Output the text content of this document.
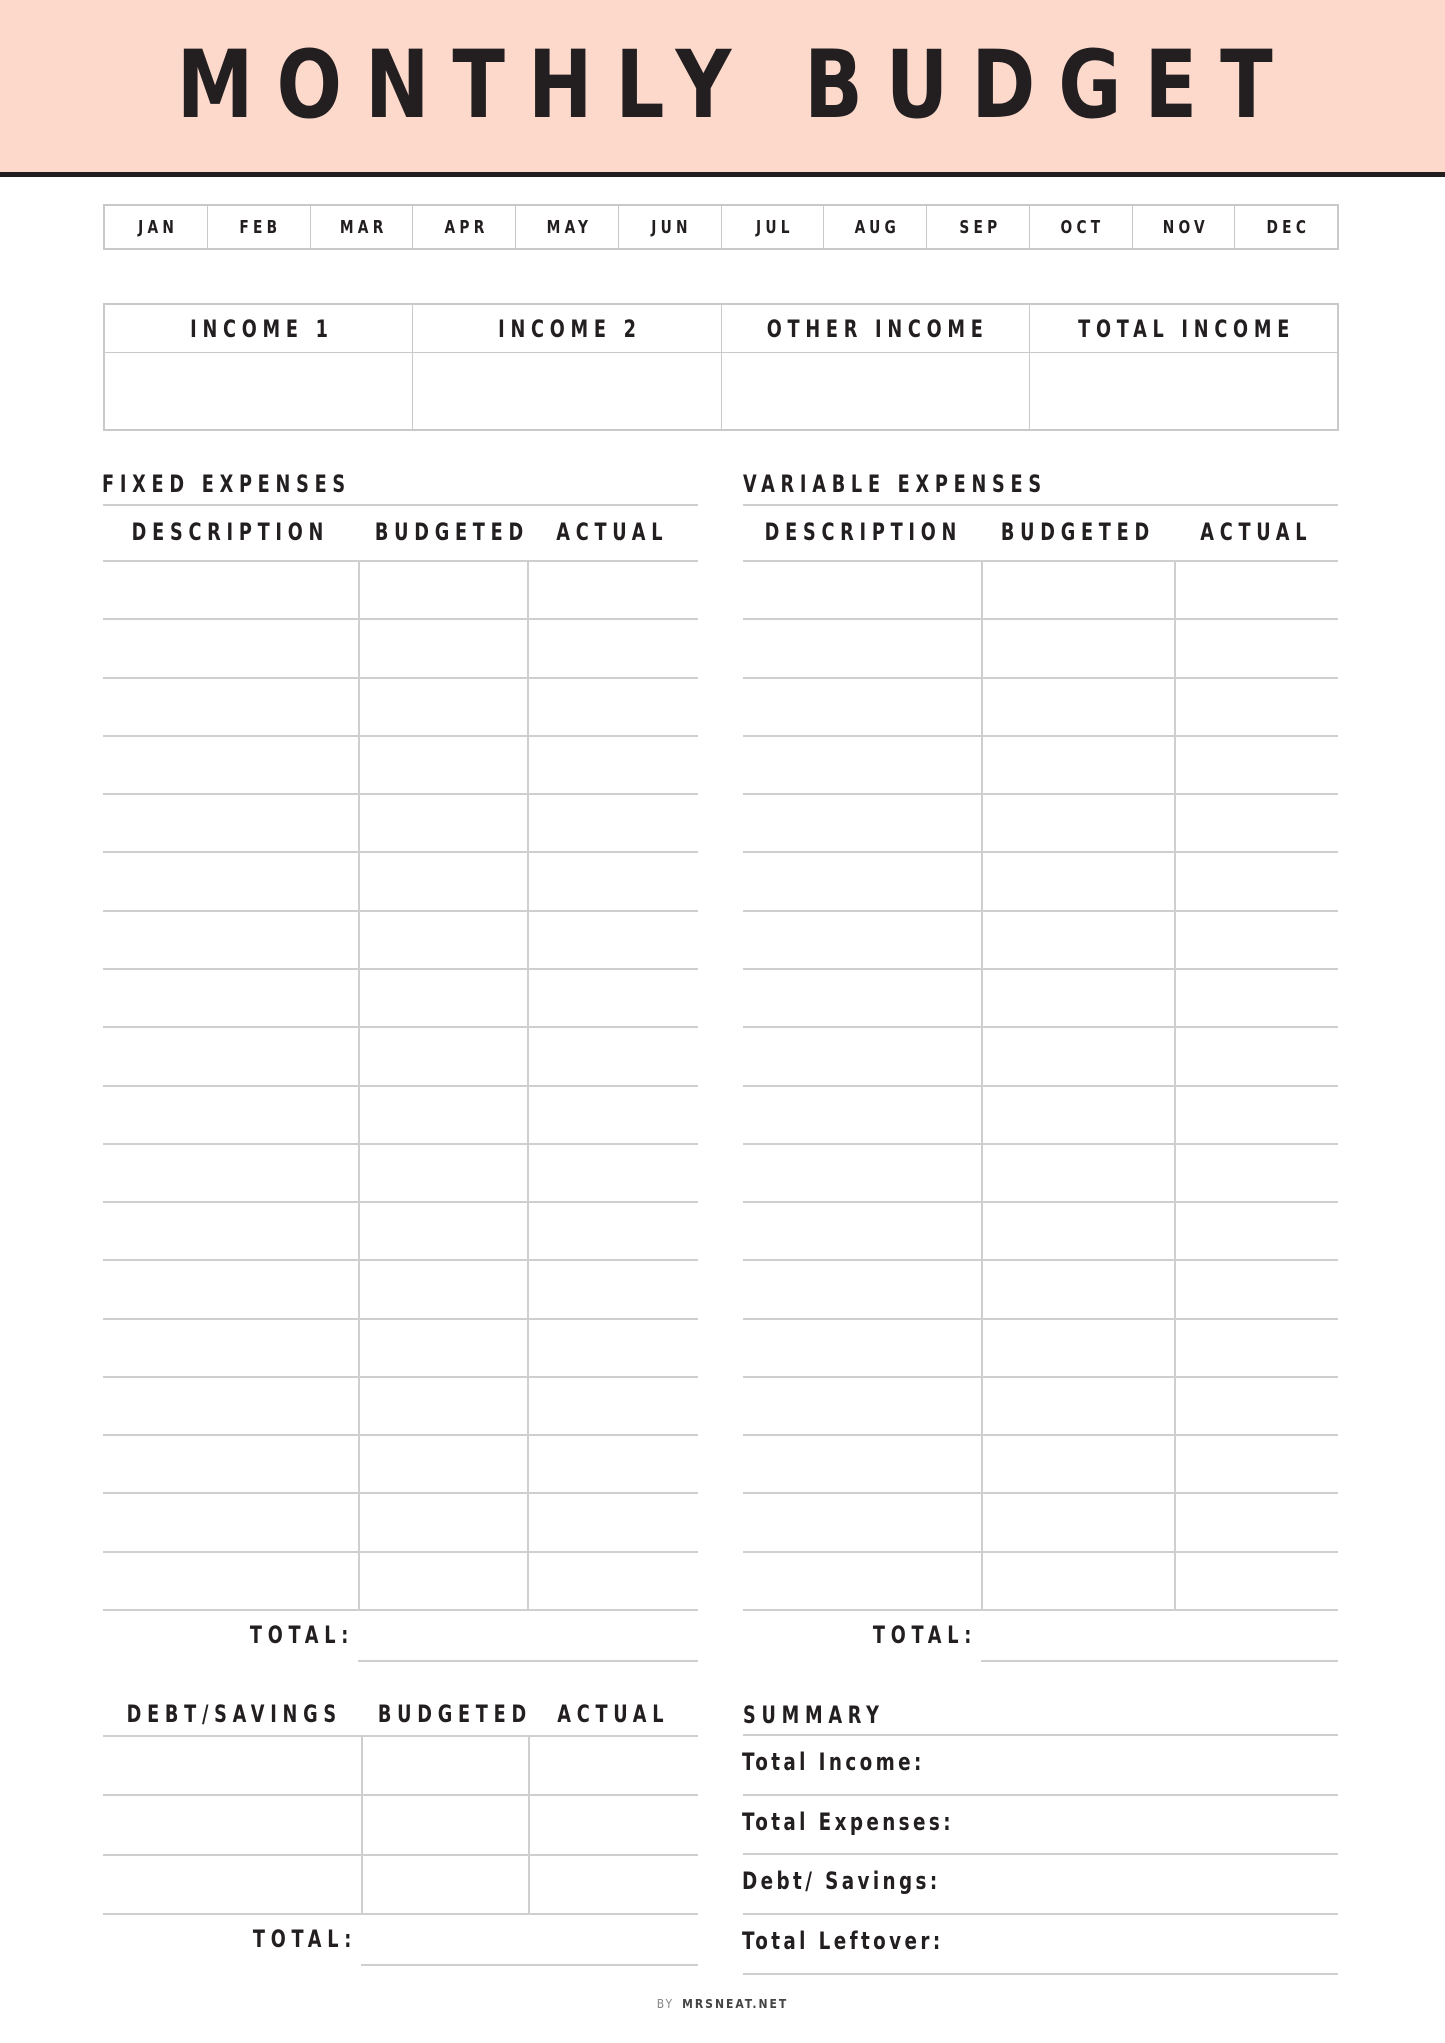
MONTHLY BUDGET
JAN	FEB	MAR	APR	MAY	JUN	JUL	AUG	SEP	OCT	NOV	DEC
INCOME 1	INCOME 2	OTHER INCOME	TOTAL INCOME
FIXED EXPENSES
DESCRIPTION	BUDGETED	ACTUAL
TOTAL:
VARIABLE EXPENSES
DESCRIPTION	BUDGETED	ACTUAL
TOTAL:
DEBT/SAVINGS	BUDGETED	ACTUAL
TOTAL:
SUMMARY
Total Income:
Total Expenses:
Debt/ Savings:
Total Leftover:
BY MRSNEAT.NET
